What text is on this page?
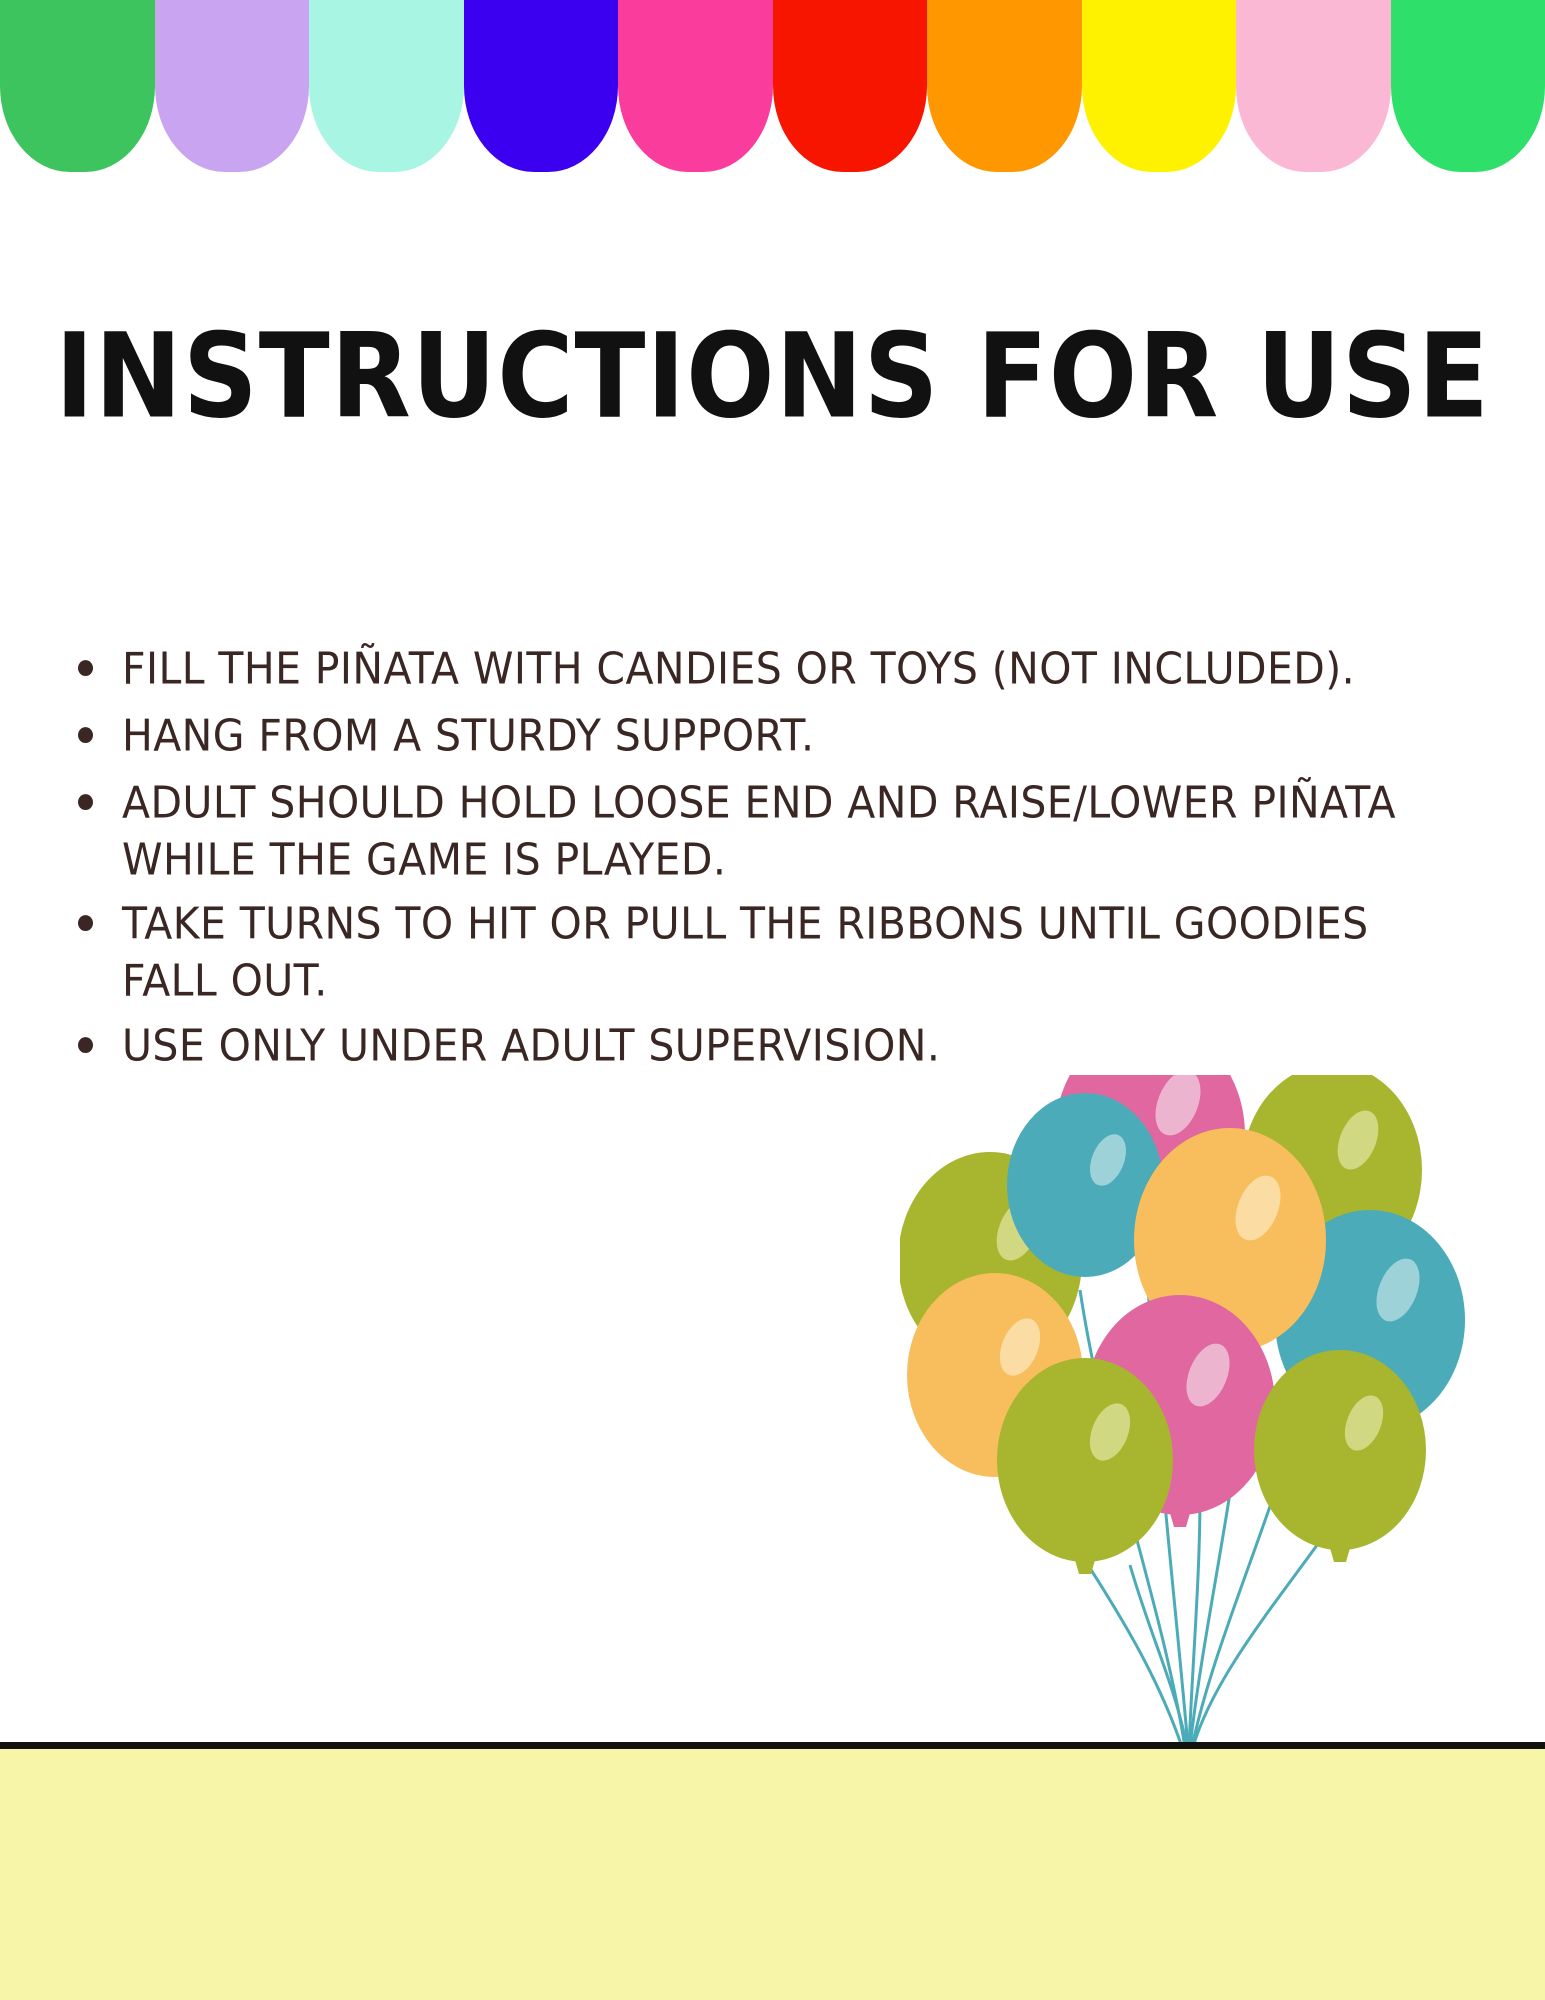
INSTRUCTIONS FOR USE
FILL THE PIÑATA WITH CANDIES OR TOYS (NOT INCLUDED).
HANG FROM A STURDY SUPPORT.
ADULT SHOULD HOLD LOOSE END AND RAISE/LOWER PIÑATA WHILE THE GAME IS PLAYED.
TAKE TURNS TO HIT OR PULL THE RIBBONS UNTIL GOODIES FALL OUT.
USE ONLY UNDER ADULT SUPERVISION.
